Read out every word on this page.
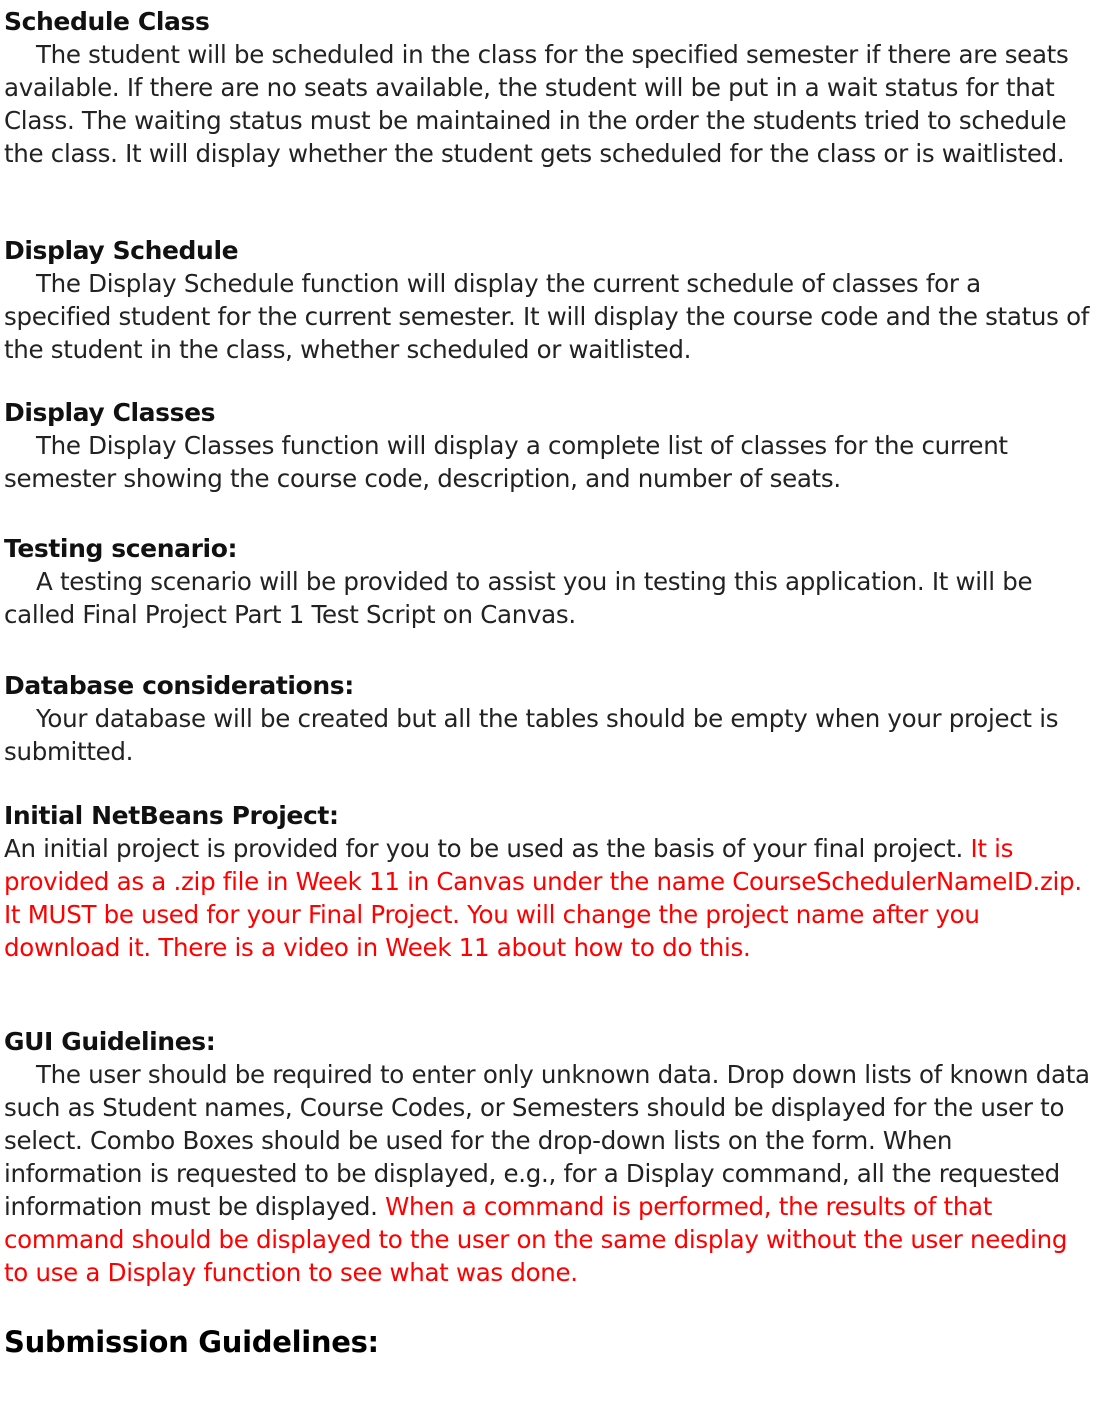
Schedule Class

The student will be scheduled in the class for the specified semester if there are seats available. If there are no seats available, the student will be put in a wait status for that Class. The waiting status must be maintained in the order the students tried to schedule the class. It will display whether the student gets scheduled for the class or is waitlisted.

Display Schedule

The Display Schedule function will display the current schedule of classes for a specified student for the current semester. It will display the course code and the status of the student in the class, whether scheduled or waitlisted.

Display Classes

The Display Classes function will display a complete list of classes for the current semester showing the course code, description, and number of seats.

Testing scenario:

A testing scenario will be provided to assist you in testing this application. It will be called Final Project Part 1 Test Script on Canvas.

Database considerations:

Your database will be created but all the tables should be empty when your project is submitted.

Initial NetBeans Project:

An initial project is provided for you to be used as the basis of your final project. It is provided as a .zip file in Week 11 in Canvas under the name CourseSchedulerNameID.zip. It MUST be used for your Final Project. You will change the project name after you download it. There is a video in Week 11 about how to do this.

GUI Guidelines:

The user should be required to enter only unknown data. Drop down lists of known data such as Student names, Course Codes, or Semesters should be displayed for the user to select. Combo Boxes should be used for the drop-down lists on the form. When information is requested to be displayed, e.g., for a Display command, all the requested information must be displayed. When a command is performed, the results of that command should be displayed to the user on the same display without the user needing to use a Display function to see what was done.

Submission Guidelines:
